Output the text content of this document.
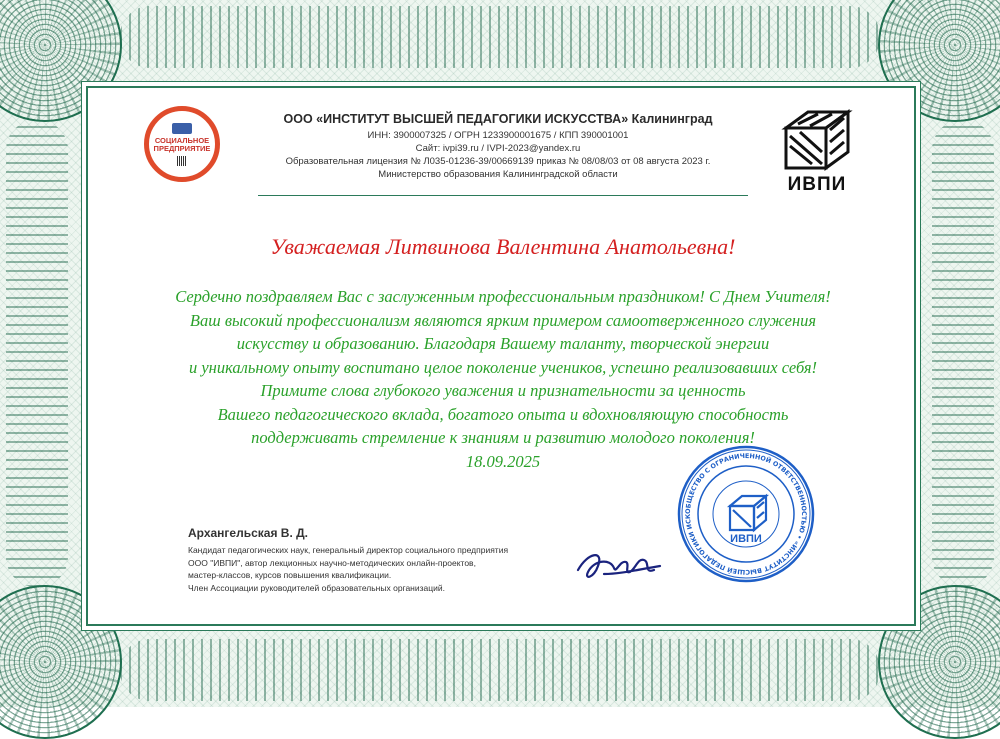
СОЦИАЛЬНОЕ
ПРЕДПРИЯТИЕ
ООО «ИНСТИТУТ ВЫСШЕЙ ПЕДАГОГИКИ ИСКУССТВА» Калининград
ИНН: 3900007325 / ОГРН 1233900001675 / КПП 390001001
Сайт: ivpi39.ru / IVPI-2023@yandex.ru
Образовательная лицензия № Л035-01236-39/00669139 приказ № 08/08/03 от 08 августа 2023 г.
Министерство образования Калининградской области	ИВПИ
Уважаемая Литвинова Валентина Анатольевна!
Сердечно поздравляем Вас с заслуженным профессиональным праздником! С Днем Учителя!
Ваш высокий профессионализм являются ярким примером самоотверженного служения
искусству и образованию. Благодаря Вашему таланту, творческой энергии
и уникальному опыту воспитано целое поколение учеников, успешно реализовавших себя!
Примите слова глубокого уважения и признательности за ценность
Вашего педагогического вклада, богатого опыта и вдохновляющую способность
поддерживать стремление к знаниям и развитию молодого поколения!
18.09.2025
Архангельская В. Д.
Кандидат педагогических наук, генеральный директор социального предприятия
ООО "ИВПИ", автор лекционных научно-методических онлайн-проектов,
мастер-классов, курсов повышения квалификации.
Член Ассоциации руководителей образовательных организаций.
ОБЩЕСТВО С ОГРАНИЧЕННОЙ ОТВЕТСТВЕННОСТЬЮ • «ИНСТИТУТ ВЫСШЕЙ ПЕДАГОГИКИ ИСК
ИВПИ
